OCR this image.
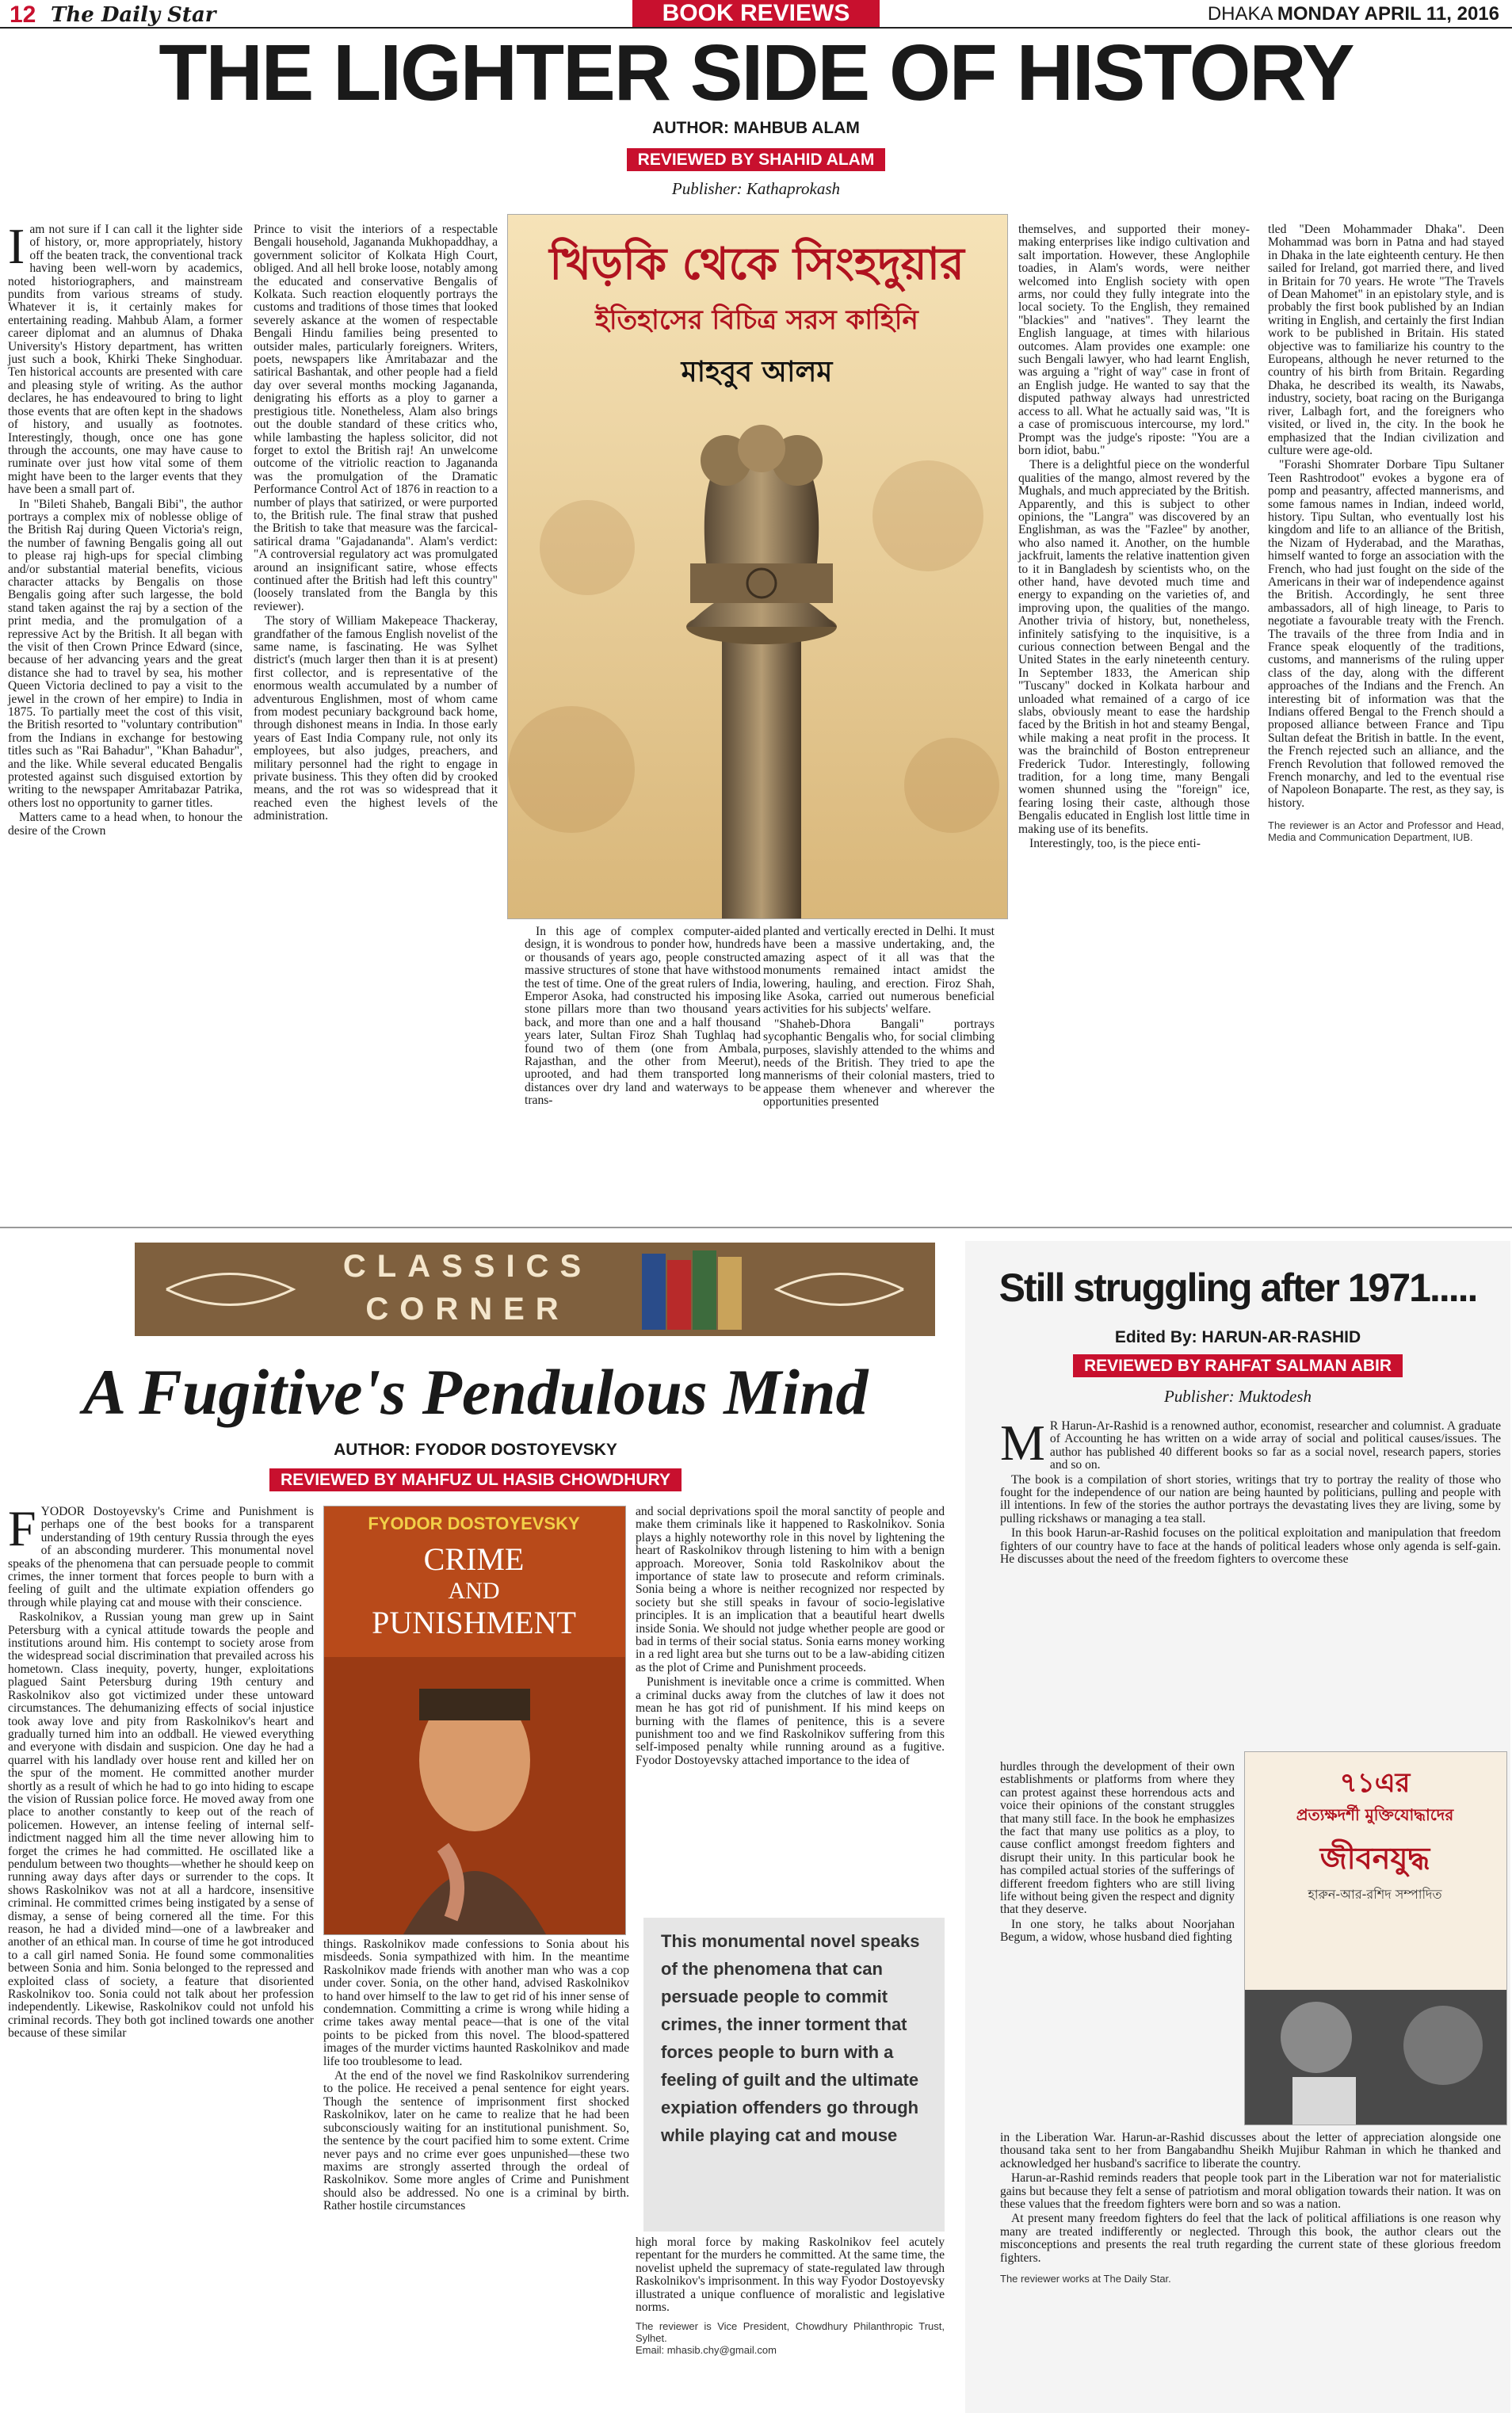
12 The Daily Star	BOOK REVIEWS	DHAKA MONDAY APRIL 11, 2016
THE LIGHTER SIDE OF HISTORY
AUTHOR: MAHBUB ALAM
REVIEWED BY SHAHID ALAM
Publisher: Kathaprokash
খিড়কি থেকে সিংহদুয়ার
ইতিহাসের বিচিত্র সরস কাহিনি
মাহবুব আলম

Iam not sure if I can call it the lighter side of history, or, more appropriately, history off the beaten track, the conventional track having been well-worn by academics, noted historiographers, and mainstream pundits from various streams of study. Whatever it is, it certainly makes for entertaining reading. Mahbub Alam, a former career diplomat and an alumnus of Dhaka University's History department, has written just such a book, Khirki Theke Singhoduar. Ten historical accounts are presented with care and pleasing style of writing. As the author declares, he has endeavoured to bring to light those events that are often kept in the shadows of history, and usually as footnotes. Interestingly, though, once one has gone through the accounts, one may have cause to ruminate over just how vital some of them might have been to the larger events that they have been a small part of.

In "Bileti Shaheb, Bangali Bibi", the author portrays a complex mix of noblesse oblige of the British Raj during Queen Victoria's reign, the number of fawning Bengalis going all out to please raj high-ups for special climbing and/or substantial material benefits, vicious character attacks by Bengalis on those Bengalis going after such largesse, the bold stand taken against the raj by a section of the print media, and the promulgation of a repressive Act by the British. It all began with the visit of then Crown Prince Edward (since, because of her advancing years and the great distance she had to travel by sea, his mother Queen Victoria declined to pay a visit to the jewel in the crown of her empire) to India in 1875. To partially meet the cost of this visit, the British resorted to "voluntary contribution" from the Indians in exchange for bestowing titles such as "Rai Bahadur", "Khan Bahadur", and the like. While several educated Bengalis protested against such disguised extortion by writing to the newspaper Amritabazar Patrika, others lost no opportunity to garner titles.

Matters came to a head when, to honour the desire of the Crown

Prince to visit the interiors of a respectable Bengali household, Jagananda Mukhopaddhay, a government solicitor of Kolkata High Court, obliged. And all hell broke loose, notably among the educated and conservative Bengalis of Kolkata. Such reaction eloquently portrays the customs and traditions of those times that looked severely askance at the women of respectable Bengali Hindu families being presented to outsider males, particularly foreigners. Writers, poets, newspapers like Amritabazar and the satirical Bashantak, and other people had a field day over several months mocking Jagananda, denigrating his efforts as a ploy to garner a prestigious title. Nonetheless, Alam also brings out the double standard of these critics who, while lambasting the hapless solicitor, did not forget to extol the British raj! An unwelcome outcome of the vitriolic reaction to Jagananda was the promulgation of the Dramatic Performance Control Act of 1876 in reaction to a number of plays that satirized, or were purported to, the British rule. The final straw that pushed the British to take that measure was the farcical-satirical drama "Gajadananda". Alam's verdict: "A controversial regulatory act was promulgated around an insignificant satire, whose effects continued after the British had left this country" (loosely translated from the Bangla by this reviewer).

The story of William Makepeace Thackeray, grandfather of the famous English novelist of the same name, is fascinating. He was Sylhet district's (much larger then than it is at present) first collector, and is representative of the enormous wealth accumulated by a number of adventurous Englishmen, most of whom came from modest pecuniary background back home, through dishonest means in India. In those early years of East India Company rule, not only its employees, but also judges, preachers, and military personnel had the right to engage in private business. This they often did by crooked means, and the rot was so widespread that it reached even the highest levels of the administration.

In this age of complex computer-aided design, it is wondrous to ponder how, hundreds or thousands of years ago, people constructed massive structures of stone that have withstood the test of time. One of the great rulers of India, Emperor Asoka, had constructed his imposing stone pillars more than two thousand years back, and more than one and a half thousand years later, Sultan Firoz Shah Tughlaq had found two of them (one from Ambala, Rajasthan, and the other from Meerut), uprooted, and had them transported long distances over dry land and waterways to be trans-

planted and vertically erected in Delhi. It must have been a massive undertaking, and, the amazing aspect of it all was that the monuments remained intact amidst the lowering, hauling, and erection. Firoz Shah, like Asoka, carried out numerous beneficial activities for his subjects' welfare.

"Shaheb-Dhora Bangali" portrays sycophantic Bengalis who, for social climbing purposes, slavishly attended to the whims and needs of the British. They tried to ape the mannerisms of their colonial masters, tried to appease them whenever and wherever the opportunities presented

themselves, and supported their money-making enterprises like indigo cultivation and salt importation. However, these Anglophile toadies, in Alam's words, were neither welcomed into English society with open arms, nor could they fully integrate into the local society. To the English, they remained "blackies" and "natives". They learnt the English language, at times with hilarious outcomes. Alam provides one example: one such Bengali lawyer, who had learnt English, was arguing a "right of way" case in front of an English judge. He wanted to say that the disputed pathway always had unrestricted access to all. What he actually said was, "It is a case of promiscuous intercourse, my lord." Prompt was the judge's riposte: "You are a born idiot, babu."

There is a delightful piece on the wonderful qualities of the mango, almost revered by the Mughals, and much appreciated by the British. Apparently, and this is subject to other opinions, the "Langra" was discovered by an Englishman, as was the "Fazlee" by another, who also named it. Another, on the humble jackfruit, laments the relative inattention given to it in Bangladesh by scientists who, on the other hand, have devoted much time and energy to expanding on the varieties of, and improving upon, the qualities of the mango. Another trivia of history, but, nonetheless, infinitely satisfying to the inquisitive, is a curious connection between Bengal and the United States in the early nineteenth century. In September 1833, the American ship "Tuscany" docked in Kolkata harbour and unloaded what remained of a cargo of ice slabs, obviously meant to ease the hardship faced by the British in hot and steamy Bengal, while making a neat profit in the process. It was the brainchild of Boston entrepreneur Frederick Tudor. Interestingly, following tradition, for a long time, many Bengali women shunned using the "foreign" ice, fearing losing their caste, although those Bengalis educated in English lost little time in making use of its benefits.

Interestingly, too, is the piece enti-

tled "Deen Mohammader Dhaka". Deen Mohammad was born in Patna and had stayed in Dhaka in the late eighteenth century. He then sailed for Ireland, got married there, and lived in Britain for 70 years. He wrote "The Travels of Dean Mahomet" in an epistolary style, and is probably the first book published by an Indian writing in English, and certainly the first Indian work to be published in Britain. His stated objective was to familiarize his country to the Europeans, although he never returned to the country of his birth from Britain. Regarding Dhaka, he described its wealth, its Nawabs, industry, society, boat racing on the Buriganga river, Lalbagh fort, and the foreigners who visited, or lived in, the city. In the book he emphasized that the Indian civilization and culture were age-old.

"Forashi Shomrater Dorbare Tipu Sultaner Teen Rashtrodoot" evokes a bygone era of pomp and peasantry, affected mannerisms, and some famous names in Indian, indeed world, history. Tipu Sultan, who eventually lost his kingdom and life to an alliance of the British, the Nizam of Hyderabad, and the Marathas, himself wanted to forge an association with the French, who had just fought on the side of the Americans in their war of independence against the British. Accordingly, he sent three ambassadors, all of high lineage, to Paris to negotiate a favourable treaty with the French. The travails of the three from India and in France speak eloquently of the traditions, customs, and mannerisms of the ruling upper class of the day, along with the different approaches of the Indians and the French. An interesting bit of information was that the Indians offered Bengal to the French should a proposed alliance between France and Tipu Sultan defeat the British in battle. In the event, the French rejected such an alliance, and the French Revolution that followed removed the French monarchy, and led to the eventual rise of Napoleon Bonaparte. The rest, as they say, is history.

The reviewer is an Actor and Professor and Head, Media and Communication Department, IUB.

CLASSICS
CORNER
A Fugitive's Pendulous Mind
AUTHOR: FYODOR DOSTOYEVSKY
REVIEWED BY MAHFUZ UL HASIB CHOWDHURY
FYODOR DOSTOYEVSKY
CRIME
AND
PUNISHMENT

FYODOR Dostoyevsky's Crime and Punishment is perhaps one of the best books for a transparent understanding of 19th century Russia through the eyes of an absconding murderer. This monumental novel speaks of the phenomena that can persuade people to commit crimes, the inner torment that forces people to burn with a feeling of guilt and the ultimate expiation offenders go through while playing cat and mouse with their conscience.

Raskolnikov, a Russian young man grew up in Saint Petersburg with a cynical attitude towards the people and institutions around him. His contempt to society arose from the widespread social discrimination that prevailed across his hometown. Class inequity, poverty, hunger, exploitations plagued Saint Petersburg during 19th century and Raskolnikov also got victimized under these untoward circumstances. The dehumanizing effects of social injustice took away love and pity from Raskolnikov's heart and gradually turned him into an oddball. He viewed everything and everyone with disdain and suspicion. One day he had a quarrel with his landlady over house rent and killed her on the spur of the moment. He committed another murder shortly as a result of which he had to go into hiding to escape the vision of Russian police force. He moved away from one place to another constantly to keep out of the reach of policemen. However, an intense feeling of internal self-indictment nagged him all the time never allowing him to forget the crimes he had committed. He oscillated like a pendulum between two thoughts—whether he should keep on running away days after days or surrender to the cops. It shows Raskolnikov was not at all a hardcore, insensitive criminal. He committed crimes being instigated by a sense of dismay, a sense of being cornered all the time. For this reason, he had a divided mind—one of a lawbreaker and another of an ethical man. In course of time he got introduced to a call girl named Sonia. He found some commonalities between Sonia and him. Sonia belonged to the repressed and exploited class of society, a feature that disoriented Raskolnikov too. Sonia could not talk about her profession independently. Likewise, Raskolnikov could not unfold his criminal records. They both got inclined towards one another because of these similar

things. Raskolnikov made confessions to Sonia about his misdeeds. Sonia sympathized with him. In the meantime Raskolnikov made friends with another man who was a cop under cover. Sonia, on the other hand, advised Raskolnikov to hand over himself to the law to get rid of his inner sense of condemnation. Committing a crime is wrong while hiding a crime takes away mental peace—that is one of the vital points to be picked from this novel. The blood-spattered images of the murder victims haunted Raskolnikov and made life too troublesome to lead.

At the end of the novel we find Raskolnikov surrendering to the police. He received a penal sentence for eight years. Though the sentence of imprisonment first shocked Raskolnikov, later on he came to realize that he had been subconsciously waiting for an institutional punishment. So, the sentence by the court pacified him to some extent. Crime never pays and no crime ever goes unpunished—these two maxims are strongly asserted through the ordeal of Raskolnikov. Some more angles of Crime and Punishment should also be addressed. No one is a criminal by birth. Rather hostile circumstances

and social deprivations spoil the moral sanctity of people and make them criminals like it happened to Raskolnikov. Sonia plays a highly noteworthy role in this novel by lightening the heart of Raskolnikov through listening to him with a benign approach. Moreover, Sonia told Raskolnikov about the importance of state law to prosecute and reform criminals. Sonia being a whore is neither recognized nor respected by society but she still speaks in favour of socio-legislative principles. It is an implication that a beautiful heart dwells inside Sonia. We should not judge whether people are good or bad in terms of their social status. Sonia earns money working in a red light area but she turns out to be a law-abiding citizen as the plot of Crime and Punishment proceeds.

Punishment is inevitable once a crime is committed. When a criminal ducks away from the clutches of law it does not mean he has got rid of punishment. If his mind keeps on burning with the flames of penitence, this is a severe punishment too and we find Raskolnikov suffering from this self-imposed penalty while running around as a fugitive. Fyodor Dostoyevsky attached importance to the idea of

This monumental novel speaks of the phenomena that can persuade people to commit crimes, the inner torment that forces people to burn with a feeling of guilt and the ultimate expiation offenders go through while playing cat and mouse

high moral force by making Raskolnikov feel acutely repentant for the murders he committed. At the same time, the novelist upheld the supremacy of state-regulated law through Raskolnikov's imprisonment. In this way Fyodor Dostoyevsky illustrated a unique confluence of moralistic and legislative norms.

The reviewer is Vice President, Chowdhury Philanthropic Trust, Sylhet.
Email: mhasib.chy@gmail.com

Still struggling after 1971.....
Edited By: HARUN-AR-RASHID
REVIEWED BY RAHFAT SALMAN ABIR
Publisher: Muktodesh
৭১এর
প্রত্যক্ষদর্শী মুক্তিযোদ্ধাদের
জীবনযুদ্ধ
হারুন-আর-রশিদ সম্পাদিত

M R Harun-Ar-Rashid is a renowned author, economist, researcher and columnist. A graduate of Accounting he has written on a wide array of social and political causes/issues. The author has published 40 different books so far as a social novel, research papers, stories and so on.

The book is a compilation of short stories, writings that try to portray the reality of those who fought for the independence of our nation are being haunted by politicians, pulling and people with ill intentions. In few of the stories the author portrays the devastating lives they are living, some by pulling rickshaws or managing a tea stall.

In this book Harun-ar-Rashid focuses on the political exploitation and manipulation that freedom fighters of our country have to face at the hands of political leaders whose only agenda is self-gain. He discusses about the need of the freedom fighters to overcome these

hurdles through the development of their own establishments or platforms from where they can protest against these horrendous acts and voice their opinions of the constant struggles that many still face. In the book he emphasizes the fact that many use politics as a ploy, to cause conflict amongst freedom fighters and disrupt their unity. In this particular book he has compiled actual stories of the sufferings of different freedom fighters who are still living life without being given the respect and dignity that they deserve.

In one story, he talks about Noorjahan Begum, a widow, whose husband died fighting

in the Liberation War. Harun-ar-Rashid discusses about the letter of appreciation alongside one thousand taka sent to her from Bangabandhu Sheikh Mujibur Rahman in which he thanked and acknowledged her husband's sacrifice to liberate the country.

Harun-ar-Rashid reminds readers that people took part in the Liberation war not for materialistic gains but because they felt a sense of patriotism and moral obligation towards their nation. It was on these values that the freedom fighters were born and so was a nation.

At present many freedom fighters do feel that the lack of political affiliations is one reason why many are treated indifferently or neglected. Through this book, the author clears out the misconceptions and presents the real truth regarding the current state of these glorious freedom fighters.

The reviewer works at The Daily Star.
